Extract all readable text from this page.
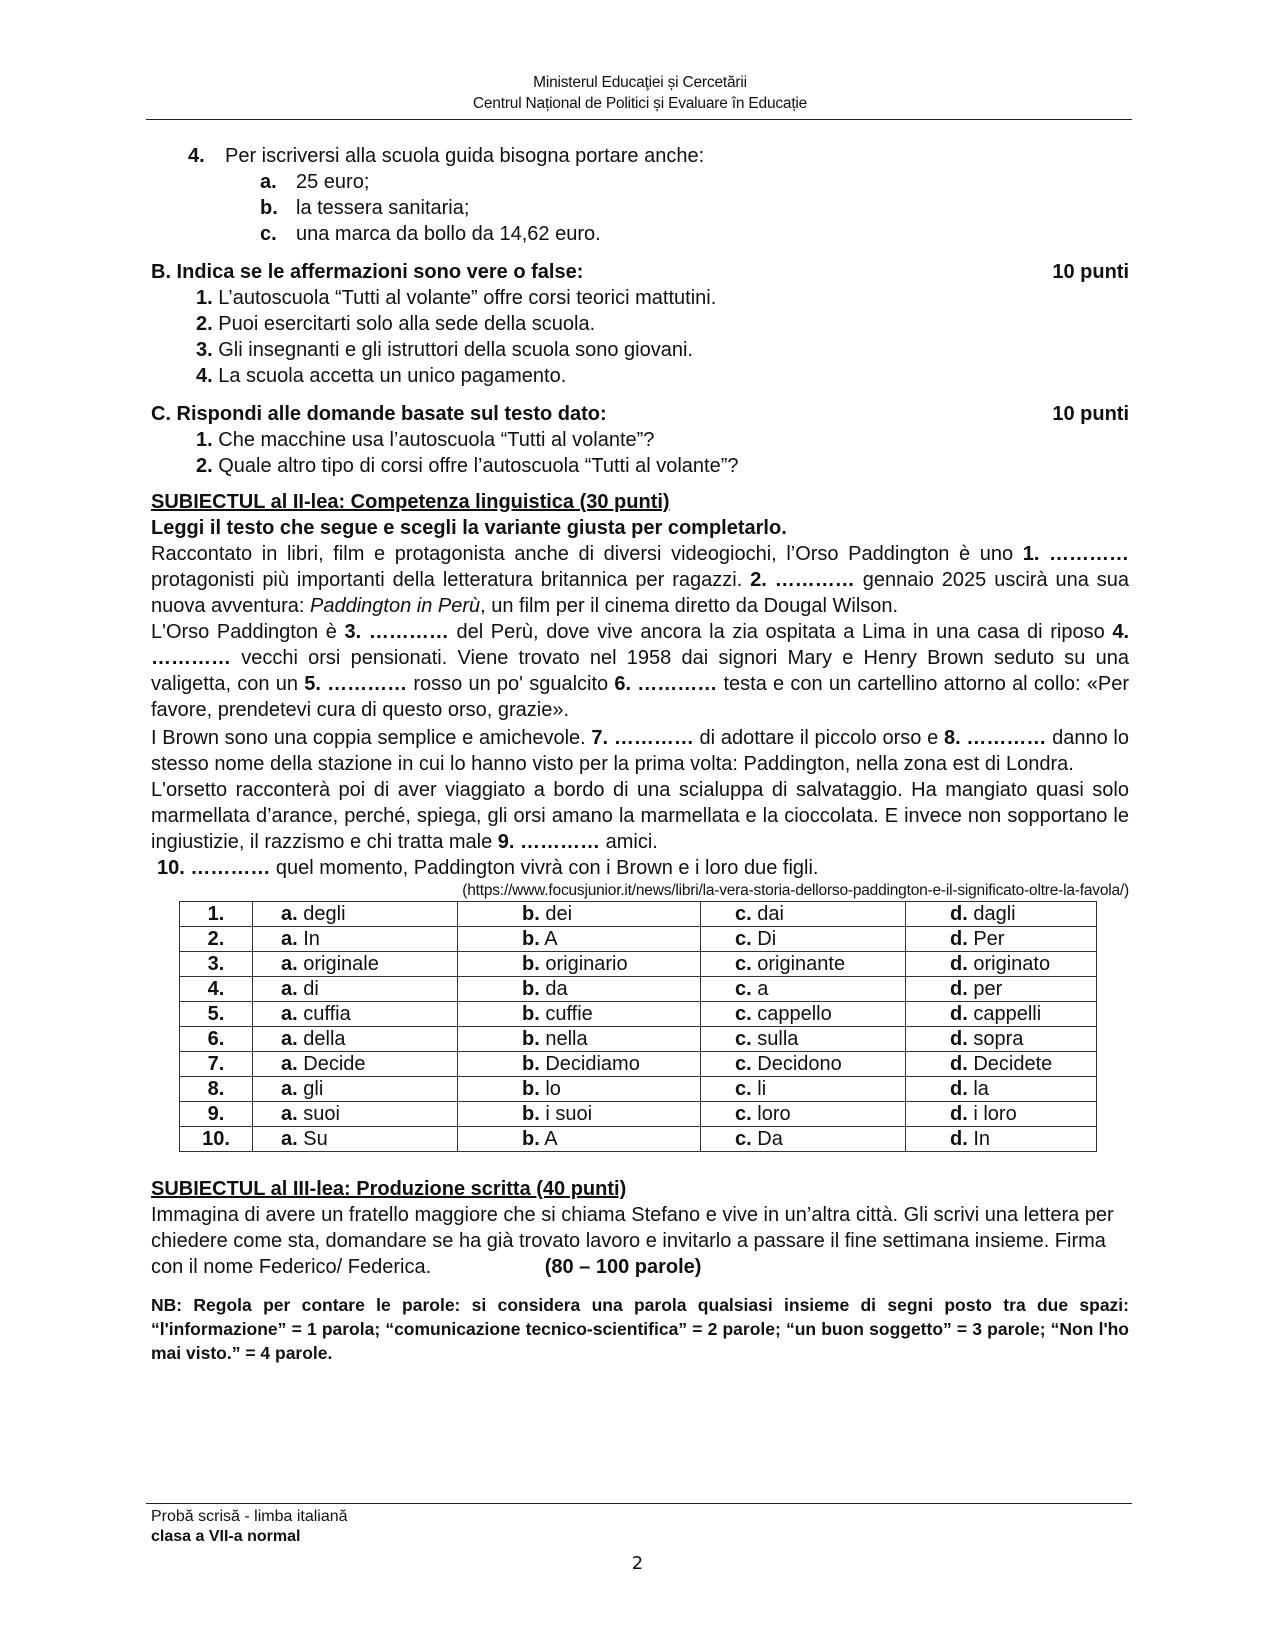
Ministerul Educaţiei și Cercetării
Centrul Național de Politici și Evaluare în Educație
4. Per iscriversi alla scuola guida bisogna portare anche:
a. 25 euro;
b. la tessera sanitaria;
c. una marca da bollo da 14,62 euro.
B. Indica se le affermazioni sono vere o false:	10 punti
1. L’autoscuola “Tutti al volante” offre corsi teorici mattutini.
2. Puoi esercitarti solo alla sede della scuola.
3. Gli insegnanti e gli istruttori della scuola sono giovani.
4. La scuola accetta un unico pagamento.
C. Rispondi alle domande basate sul testo dato:	10 punti
1. Che macchine usa l’autoscuola “Tutti al volante”?
2. Quale altro tipo di corsi offre l’autoscuola “Tutti al volante”?
SUBIECTUL al II-lea: Competenza linguistica (30 punti)
Leggi il testo che segue e scegli la variante giusta per completarlo.

Raccontato in libri, film e protagonista anche di diversi videogiochi, l’Orso Paddington è uno 1. ………… protagonisti più importanti della letteratura britannica per ragazzi. 2. ………… gennaio 2025 uscirà una sua nuova avventura: Paddington in Perù, un film per il cinema diretto da Dougal Wilson.

L'Orso Paddington è 3. ………… del Perù, dove vive ancora la zia ospitata a Lima in una casa di riposo 4. ………… vecchi orsi pensionati. Viene trovato nel 1958 dai signori Mary e Henry Brown seduto su una valigetta, con un 5. ………… rosso un po' sgualcito 6. ………… testa e con un cartellino attorno al collo: «Per favore, prendetevi cura di questo orso, grazie».

I Brown sono una coppia semplice e amichevole. 7. ………… di adottare il piccolo orso e 8. ………… danno lo stesso nome della stazione in cui lo hanno visto per la prima volta: Paddington, nella zona est di Londra.

L'orsetto racconterà poi di aver viaggiato a bordo di una scialuppa di salvataggio. Ha mangiato quasi solo marmellata d’arance, perché, spiega, gli orsi amano la marmellata e la cioccolata. E invece non sopportano le ingiustizie, il razzismo e chi tratta male 9. ………… amici.

10. ………… quel momento, Paddington vivrà con i Brown e i loro due figli.

(https://www.focusjunior.it/news/libri/la-vera-storia-dellorso-paddington-e-il-significato-oltre-la-favola/)
1.	a. degli	b. dei	c. dai	d. dagli
2.	a. In	b. A	c. Di	d. Per
3.	a. originale	b. originario	c. originante	d. originato
4.	a. di	b. da	c. a	d. per
5.	a. cuffia	b. cuffie	c. cappello	d. cappelli
6.	a. della	b. nella	c. sulla	d. sopra
7.	a. Decide	b. Decidiamo	c. Decidono	d. Decidete
8.	a. gli	b. lo	c. li	d. la
9.	a. suoi	b. i suoi	c. loro	d. i loro
10.	a. Su	b. A	c. Da	d. In
SUBIECTUL al III-lea: Produzione scritta (40 punti)
Immagina di avere un fratello maggiore che si chiama Stefano e vive in un’altra città. Gli scrivi una lettera per chiedere come sta, domandare se ha già trovato lavoro e invitarlo a passare il fine settimana insieme. Firma con il nome Federico/ Federica.	(80 – 100 parole)
NB: Regola per contare le parole: si considera una parola qualsiasi insieme di segni posto tra due spazi: “l'informazione” = 1 parola; “comunicazione tecnico-scientifica” = 2 parole; “un buon soggetto” = 3 parole; “Non l'ho mai visto.” = 4 parole.
Probă scrisă - limba italiană
clasa a VII-a normal
2
